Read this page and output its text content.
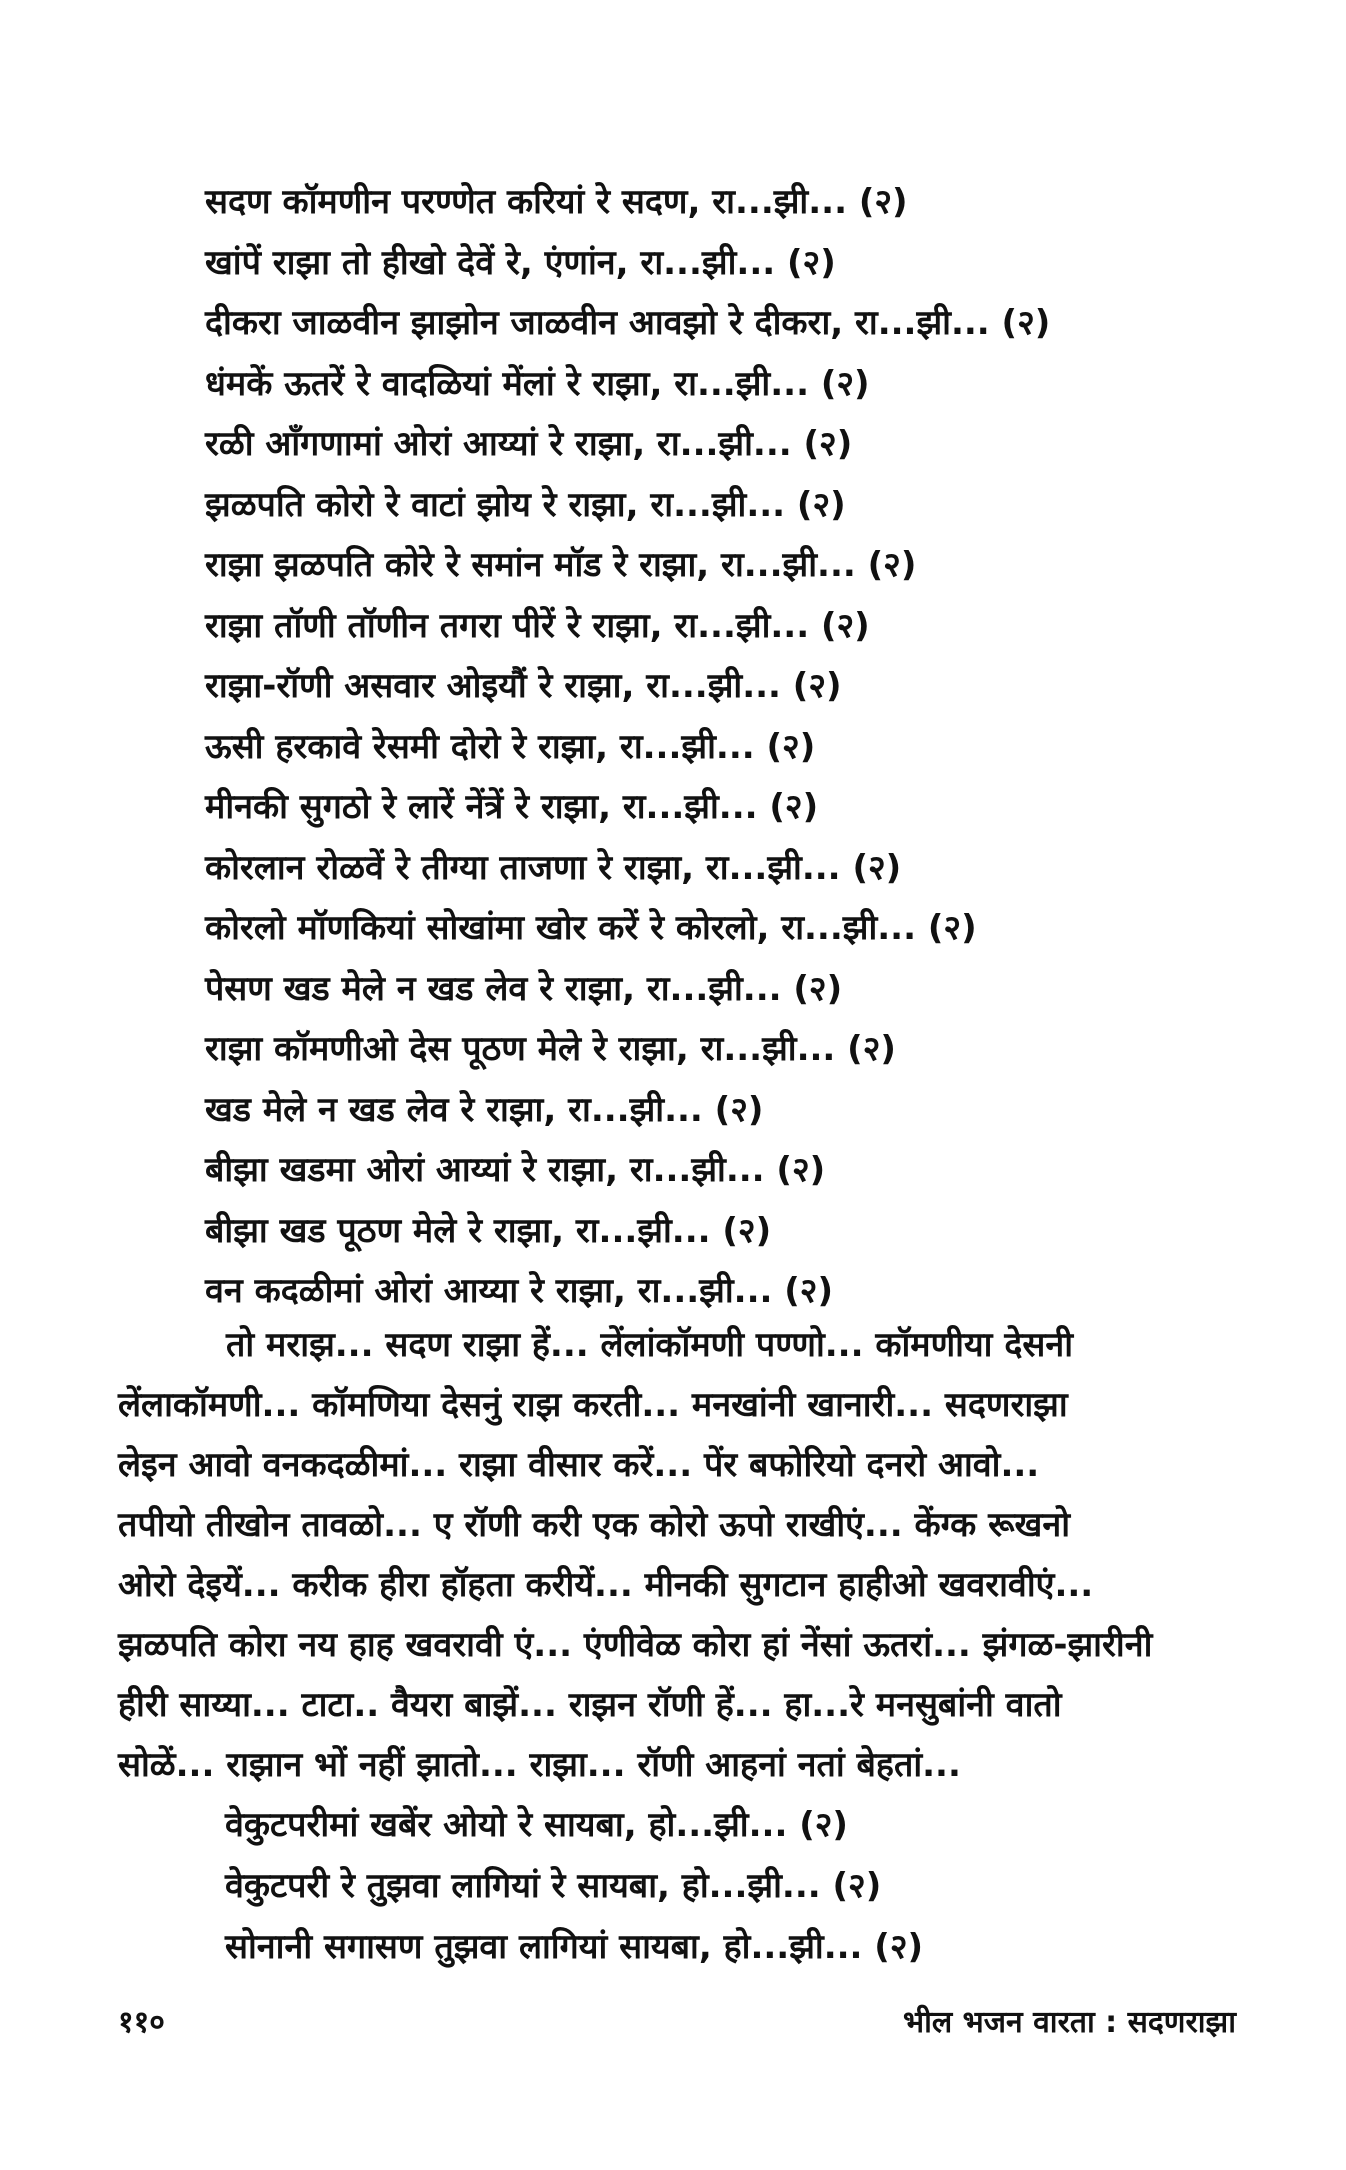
सदण कॉमणीन परण्णेत करियां रे सदण, रा...झी... (२)
खांपें राझा तो हीखो देवें रे, एंणांन, रा...झी... (२)
दीकरा जाळवीन झाझोन जाळवीन आवझो रे दीकरा, रा...झी... (२)
धंमकें ऊतरें रे वादळियां मेंलां रे राझा, रा...झी... (२)
रळी आँगणामां ओरां आय्यां रे राझा, रा...झी... (२)
झळपति कोरो रे वाटां झोय रे राझा, रा...झी... (२)
राझा झळपति कोरे रे समांन मॉड रे राझा, रा...झी... (२)
राझा तॉणी तॉणीन तगरा पीरें रे राझा, रा...झी... (२)
राझा-रॉणी असवार ओइयौं रे राझा, रा...झी... (२)
ऊसी हरकावे रेसमी दोरो रे राझा, रा...झी... (२)
मीनकी सुगठो रे लारें नेंत्रें रे राझा, रा...झी... (२)
कोरलान रोळवें रे तीग्या ताजणा रे राझा, रा...झी... (२)
कोरलो मॉणकियां सोखांमा खोर करें रे कोरलो, रा...झी... (२)
पेसण खड मेले न खड लेव रे राझा, रा...झी... (२)
राझा कॉमणीओ देस पूठण मेले रे राझा, रा...झी... (२)
खड मेले न खड लेव रे राझा, रा...झी... (२)
बीझा खडमा ओरां आय्यां रे राझा, रा...झी... (२)
बीझा खड पूठण मेले रे राझा, रा...झी... (२)
वन कदळीमां ओरां आय्या रे राझा, रा...झी... (२)
तो मराझ... सदण राझा हें... लेंलांकॉमणी पण्णो... कॉमणीया देसनी
लेंलाकॉमणी... कॉमणिया देसनुं राझ करती... मनखांनी खानारी... सदणराझा
लेइन आवो वनकदळीमां... राझा वीसार करें... पेंर बफोरियो दनरो आवो...
तपीयो तीखोन तावळो... ए रॉणी करी एक कोरो ऊपो राखीएं... केंग्क रूखनो
ओरो देइयें... करीक हीरा हॉहता करीयें... मीनकी सुगटान हाहीओ खवरावीएं...
झळपति कोरा नय हाह खवरावी एं... एंणीवेळ कोरा हां नेंसां ऊतरां... झंगळ-झारीनी
हीरी साय्या... टाटा.. वैयरा बाझें... राझन रॉणी हें... हा...रे मनसुबांनी वातो
सोळें... राझान भों नहीं झातो... राझा... रॉणी आहनां नतां बेहतां...
वेकुटपरीमां खबेंर ओयो रे सायबा, हो...झी... (२)
वेकुटपरी रे तुझवा लागियां रे सायबा, हो...झी... (२)
सोनानी सगासण तुझवा लागियां सायबा, हो...झी... (२)
११०	भील भजन वारता : सदणराझा
